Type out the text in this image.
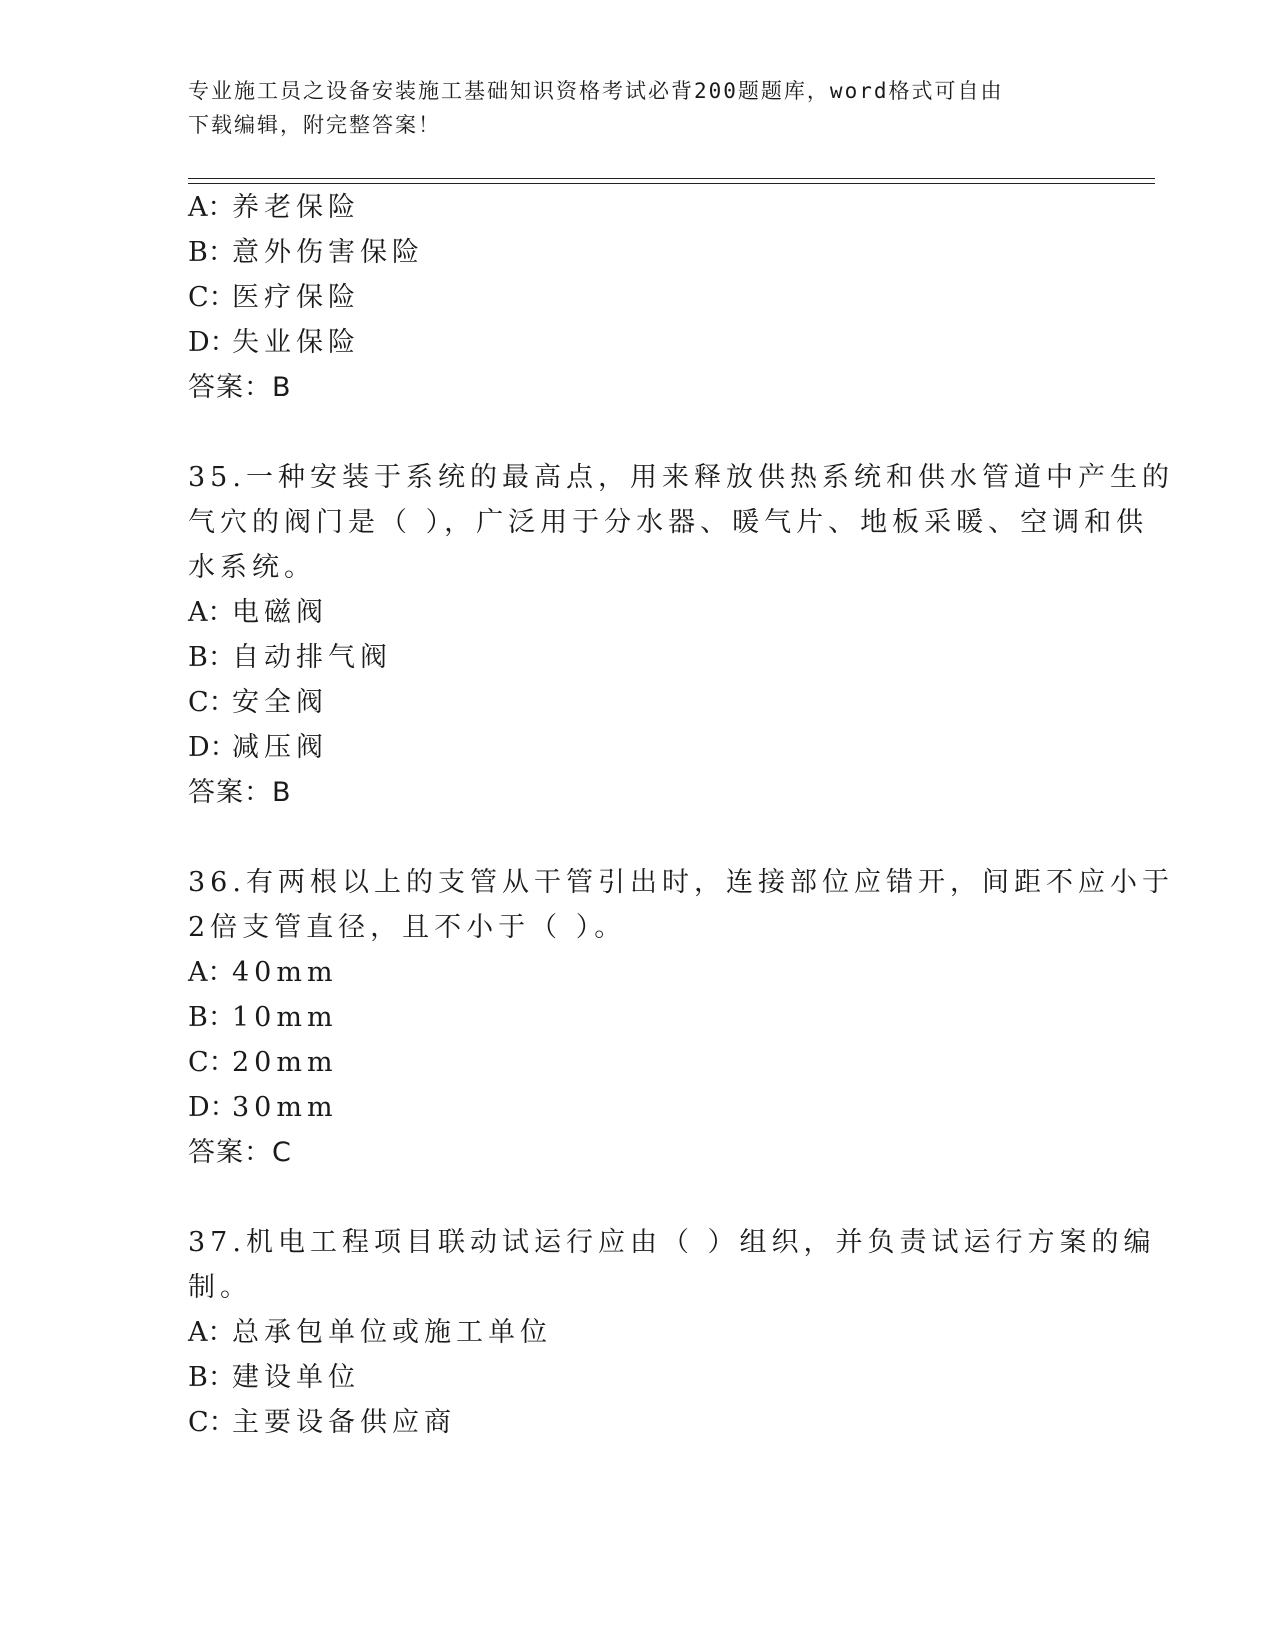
专业施工员之设备安装施工基础知识资格考试必背200题题库，word格式可自由
下载编辑，附完整答案！
A：养老保险
B：意外伤害保险
C：医疗保险
D：失业保险
答案：B
35.一种安装于系统的最高点，用来释放供热系统和供水管道中产生的
气穴的阀门是（ ），广泛用于分水器、暖气片、地板采暖、空调和供
水系统。
A：电磁阀
B：自动排气阀
C：安全阀
D：减压阀
答案：B
36.有两根以上的支管从干管引出时，连接部位应错开，间距不应小于
2倍支管直径，且不小于（ ）。
A：40mm
B：10mm
C：20mm
D：30mm
答案：C
37.机电工程项目联动试运行应由（ ）组织，并负责试运行方案的编
制。
A：总承包单位或施工单位
B：建设单位
C：主要设备供应商
